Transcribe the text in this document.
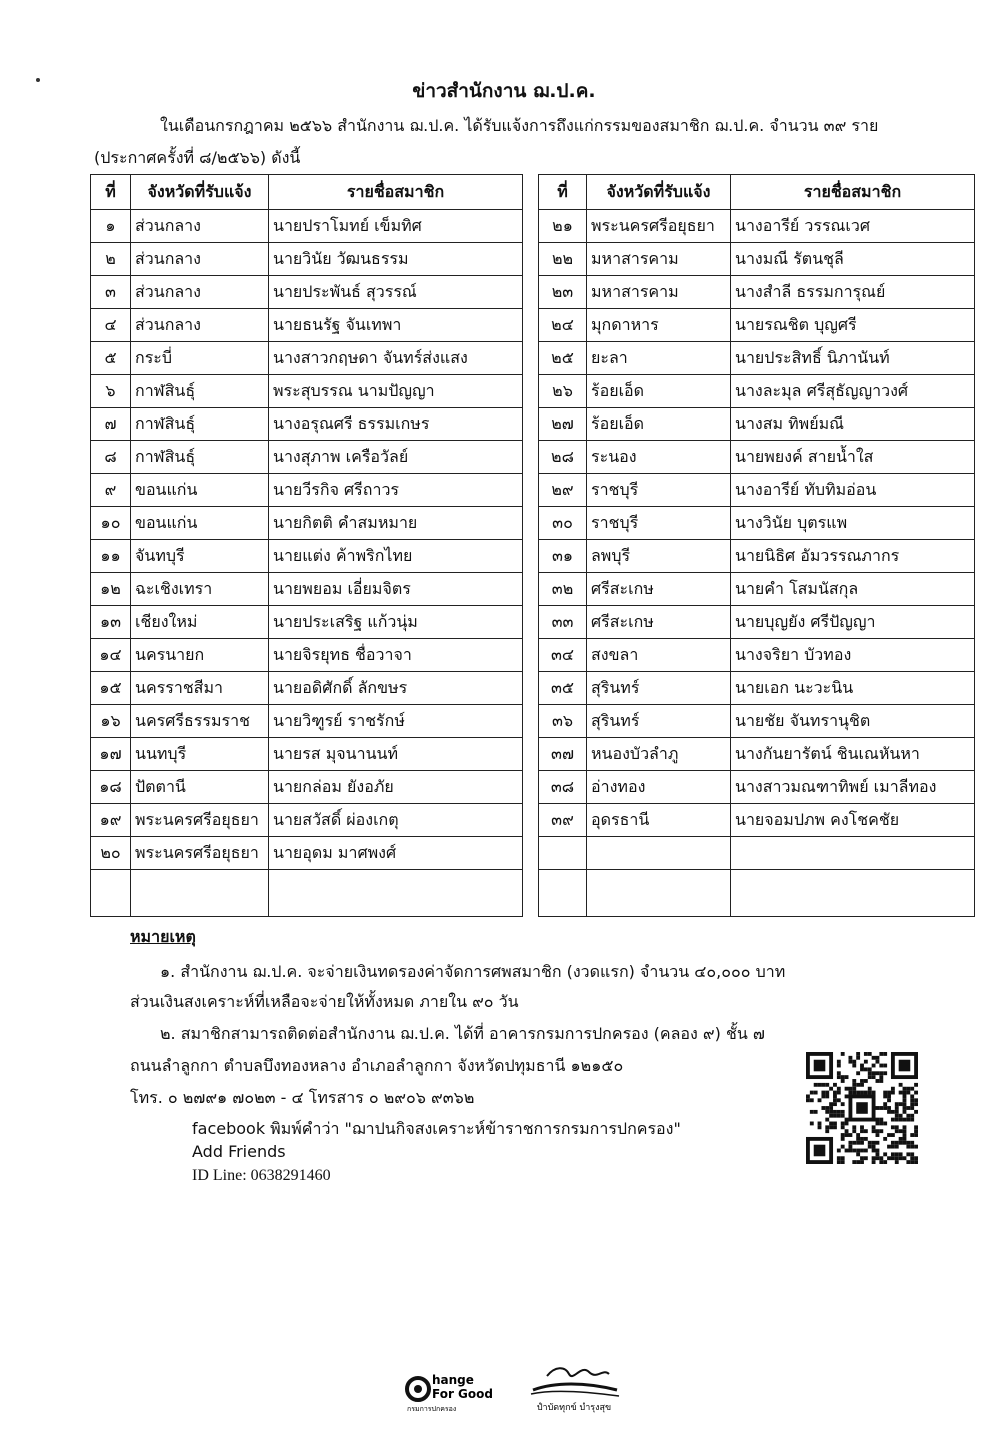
ข่าวสำนักงาน ฌ.ป.ค.
ในเดือนกรกฎาคม ๒๕๖๖ สำนักงาน ฌ.ป.ค. ได้รับแจ้งการถึงแก่กรรมของสมาชิก ฌ.ป.ค. จำนวน ๓๙ ราย
(ประกาศครั้งที่ ๘/๒๕๖๖) ดังนี้
ที่	จังหวัดที่รับแจ้ง	รายชื่อสมาชิก
๑	ส่วนกลาง	นายปราโมทย์ เข็มทิศ
๒	ส่วนกลาง	นายวินัย วัฒนธรรม
๓	ส่วนกลาง	นายประพันธ์ สุวรรณ์
๔	ส่วนกลาง	นายธนรัฐ จันเทพา
๕	กระบี่	นางสาวกฤษดา จันทร์ส่งแสง
๖	กาฬสินธุ์	พระสุบรรณ นามปัญญา
๗	กาฬสินธุ์	นางอรุณศรี ธรรมเกษร
๘	กาฬสินธุ์	นางสุภาพ เครือวัลย์
๙	ขอนแก่น	นายวีรกิจ ศรีถาวร
๑๐	ขอนแก่น	นายกิตติ คำสมหมาย
๑๑	จันทบุรี	นายแต่ง ค้าพริกไทย
๑๒	ฉะเชิงเทรา	นายพยอม เอี่ยมจิตร
๑๓	เชียงใหม่	นายประเสริฐ แก้วนุ่ม
๑๔	นครนายก	นายจิรยุทธ ชื่อวาจา
๑๕	นครราชสีมา	นายอดิศักดิ์ ลักขษร
๑๖	นครศรีธรรมราช	นายวิฑูรย์ ราชรักษ์
๑๗	นนทบุรี	นายรส มุจนานนท์
๑๘	ปัตตานี	นายกล่อม ยังอภัย
๑๙	พระนครศรีอยุธยา	นายสวัสดิ์ ผ่องเกตุ
๒๐	พระนครศรีอยุธยา	นายอุดม มาศพงศ์

ที่	จังหวัดที่รับแจ้ง	รายชื่อสมาชิก
๒๑	พระนครศรีอยุธยา	นางอารีย์ วรรณเวศ
๒๒	มหาสารคาม	นางมณี รัตนชุลี
๒๓	มหาสารคาม	นางสำลี ธรรมการุณย์
๒๔	มุกดาหาร	นายรณชิต บุญศรี
๒๕	ยะลา	นายประสิทธิ์ นิภานันท์
๒๖	ร้อยเอ็ด	นางละมุล ศรีสุธัญญาวงศ์
๒๗	ร้อยเอ็ด	นางสม ทิพย์มณี
๒๘	ระนอง	นายพยงค์ สายน้ำใส
๒๙	ราชบุรี	นางอารีย์ ทับทิมอ่อน
๓๐	ราชบุรี	นางวินัย บุตรแพ
๓๑	ลพบุรี	นายนิธิศ อัมวรรณภากร
๓๒	ศรีสะเกษ	นายคำ โสมนัสกุล
๓๓	ศรีสะเกษ	นายบุญยัง ศรีปัญญา
๓๔	สงขลา	นางจริยา บัวทอง
๓๕	สุรินทร์	นายเอก นะวะนิน
๓๖	สุรินทร์	นายชัย จันทรานุชิต
๓๗	หนองบัวลำภู	นางกันยารัตน์ ชินเณหันหา
๓๘	อ่างทอง	นางสาวมณฑาทิพย์ เมาลีทอง
๓๙	อุดรธานี	นายจอมปภพ คงโชคชัย

หมายเหตุ
๑. สำนักงาน ฌ.ป.ค. จะจ่ายเงินทดรองค่าจัดการศพสมาชิก (งวดแรก) จำนวน ๔๐,๐๐๐ บาท
ส่วนเงินสงเคราะห์ที่เหลือจะจ่ายให้ทั้งหมด ภายใน ๙๐ วัน
๒. สมาชิกสามารถติดต่อสำนักงาน ฌ.ป.ค. ได้ที่ อาคารกรมการปกครอง (คลอง ๙) ชั้น ๗
ถนนลำลูกกา ตำบลบึงทองหลาง อำเภอลำลูกกา จังหวัดปทุมธานี ๑๒๑๕๐
โทร. ๐ ๒๗๙๑ ๗๐๒๓ - ๔ โทรสาร ๐ ๒๙๐๖ ๙๓๖๒
facebook พิมพ์คำว่า "ฌาปนกิจสงเคราะห์ข้าราชการกรมการปกครอง"
Add Friends
ID Line: 0638291460
hange
For Good
กรมการปกครอง	ปำบัดทุกข์ บำรุงสุข
